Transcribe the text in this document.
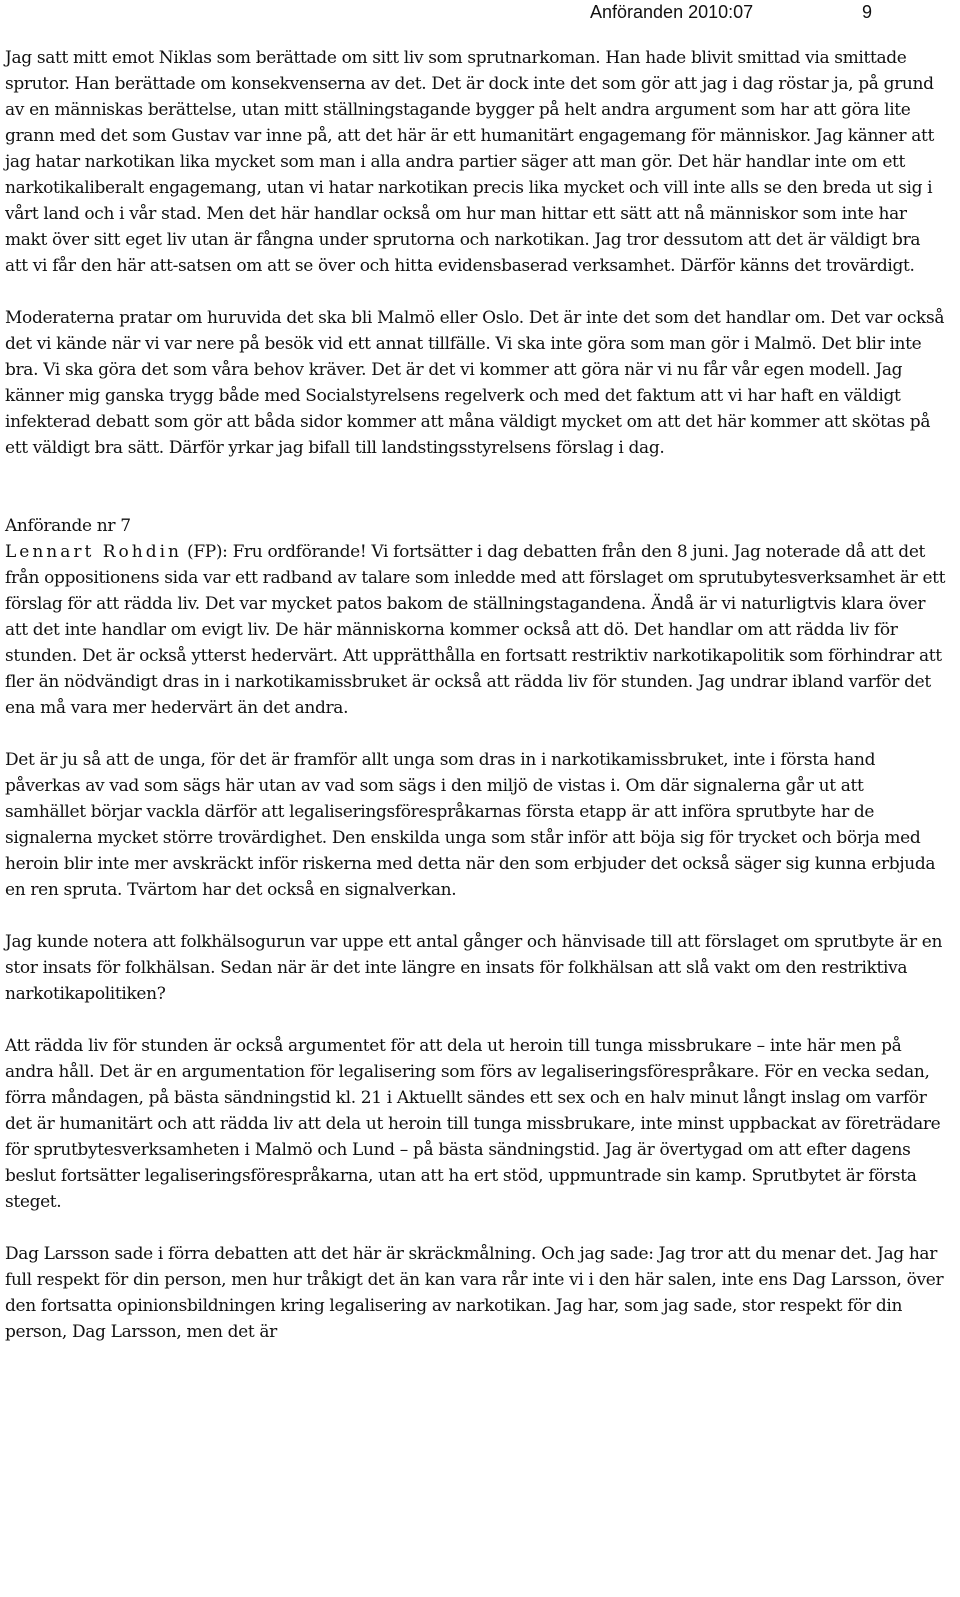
Anföranden 2010:07	9

Jag satt mitt emot Niklas som berättade om sitt liv som sprutnarkoman. Han hade blivit smittad via smittade sprutor. Han berättade om konsekvenserna av det. Det är dock inte det som gör att jag i dag röstar ja, på grund av en människas berättelse, utan mitt ställningstagande bygger på helt andra argument som har att göra lite grann med det som Gustav var inne på, att det här är ett humanitärt engagemang för människor. Jag känner att jag hatar narkotikan lika mycket som man i alla andra partier säger att man gör. Det här handlar inte om ett narkotikaliberalt engagemang, utan vi hatar narkotikan precis lika mycket och vill inte alls se den breda ut sig i vårt land och i vår stad. Men det här handlar också om hur man hittar ett sätt att nå människor som inte har makt över sitt eget liv utan är fångna under sprutorna och narkotikan. Jag tror dessutom att det är väldigt bra att vi får den här att-satsen om att se över och hitta evidensbaserad verksamhet. Därför känns det trovärdigt.

Moderaterna pratar om huruvida det ska bli Malmö eller Oslo. Det är inte det som det handlar om. Det var också det vi kände när vi var nere på besök vid ett annat tillfälle. Vi ska inte göra som man gör i Malmö. Det blir inte bra. Vi ska göra det som våra behov kräver. Det är det vi kommer att göra när vi nu får vår egen modell. Jag känner mig ganska trygg både med Socialstyrelsens regelverk och med det faktum att vi har haft en väldigt infekterad debatt som gör att båda sidor kommer att måna väldigt mycket om att det här kommer att skötas på ett väldigt bra sätt. Därför yrkar jag bifall till landstingsstyrelsens förslag i dag.

Anförande nr 7

Lennart Rohdin (FP): Fru ordförande! Vi fortsätter i dag debatten från den 8 juni. Jag noterade då att det från oppositionens sida var ett radband av talare som inledde med att förslaget om sprutubytesverksamhet är ett förslag för att rädda liv. Det var mycket patos bakom de ställningstagandena. Ändå är vi naturligtvis klara över att det inte handlar om evigt liv. De här människorna kommer också att dö. Det handlar om att rädda liv för stunden. Det är också ytterst hedervärt. Att upprätthålla en fortsatt restriktiv narkotikapolitik som förhindrar att fler än nödvändigt dras in i narkotikamissbruket är också att rädda liv för stunden. Jag undrar ibland varför det ena må vara mer hedervärt än det andra.

Det är ju så att de unga, för det är framför allt unga som dras in i narkotikamissbruket, inte i första hand påverkas av vad som sägs här utan av vad som sägs i den miljö de vistas i. Om där signalerna går ut att samhället börjar vackla därför att legaliseringsförespråkarnas första etapp är att införa sprutbyte har de signalerna mycket större trovärdighet. Den enskilda unga som står inför att böja sig för trycket och börja med heroin blir inte mer avskräckt inför riskerna med detta när den som erbjuder det också säger sig kunna erbjuda en ren spruta. Tvärtom har det också en signalverkan.

Jag kunde notera att folkhälsogurun var uppe ett antal gånger och hänvisade till att förslaget om sprutbyte är en stor insats för folkhälsan. Sedan när är det inte längre en insats för folkhälsan att slå vakt om den restriktiva narkotikapolitiken?

Att rädda liv för stunden är också argumentet för att dela ut heroin till tunga missbrukare – inte här men på andra håll. Det är en argumentation för legalisering som förs av legaliseringsförespråkare. För en vecka sedan, förra måndagen, på bästa sändningstid kl. 21 i Aktuellt sändes ett sex och en halv minut långt inslag om varför det är humanitärt och att rädda liv att dela ut heroin till tunga missbrukare, inte minst uppbackat av företrädare för sprutbytesverksamheten i Malmö och Lund – på bästa sändningstid. Jag är övertygad om att efter dagens beslut fortsätter legaliseringsförespråkarna, utan att ha ert stöd, uppmuntrade sin kamp. Sprutbytet är första steget.

Dag Larsson sade i förra debatten att det här är skräckmålning. Och jag sade: Jag tror att du menar det. Jag har full respekt för din person, men hur tråkigt det än kan vara rår inte vi i den här salen, inte ens Dag Larsson, över den fortsatta opinionsbildningen kring legalisering av narkotikan. Jag har, som jag sade, stor respekt för din person, Dag Larsson, men det är
